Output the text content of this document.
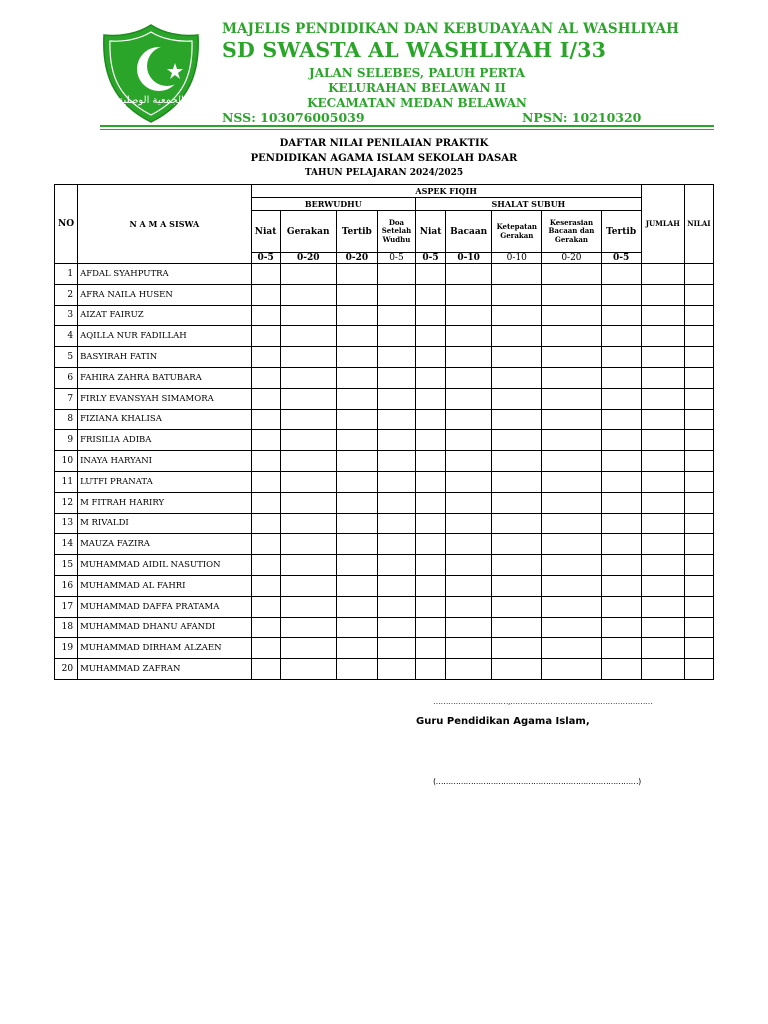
الجمعية الوصلية
MAJELIS PENDIDIKAN DAN KEBUDAYAAN AL WASHLIYAH
SD SWASTA AL WASHLIYAH I/33
JALAN SELEBES, PALUH PERTA
KELURAHAN BELAWAN II
KECAMATAN MEDAN BELAWAN
NSS: 103076005039	NPSN: 10210320
DAFTAR NILAI PENILAIAN PRAKTIK
PENDIDIKAN AGAMA ISLAM SEKOLAH DASAR
TAHUN PELAJARAN 2024/2025
NO	N A M A SISWA	ASPEK FIQIH									JUMLAH	NILAI
		BERWUDHU				SHALAT SUBUH						
		Niat	Gerakan	Tertib	Doa Setelah Wudhu	Niat	Bacaan	Ketepatan Gerakan	Keserasian Bacaan dan Gerakan	Tertib		
		0-5	0-20	0-20	0-5	0-5	0-10	0-10	0-20	0-5		
1	AFDAL SYAHPUTRA											
2	AFRA NAILA HUSEN											
3	AIZAT FAIRUZ											
4	AQILLA NUR FADILLAH											
5	BASYIRAH FATIN											
6	FAHIRA ZAHRA BATUBARA											
7	FIRLY EVANSYAH SIMAMORA											
8	FIZIANA KHALISA											
9	FRISILIA ADIBA											
10	INAYA HARYANI											
11	LUTFI PRANATA											
12	M FITRAH HARIRY											
13	M RIVALDI											
14	MAUZA FAZIRA											
15	MUHAMMAD AIDIL NASUTION											
16	MUHAMMAD AL FAHRI											
17	MUHAMMAD DAFFA PRATAMA											
18	MUHAMMAD DHANU AFANDI											
19	MUHAMMAD DIRHAM ALZAEN											
20	MUHAMMAD ZAFRAN											
…………………………,…………………………………………………
Guru Pendidikan Agama Islam,
(………………………………………………………………………)
